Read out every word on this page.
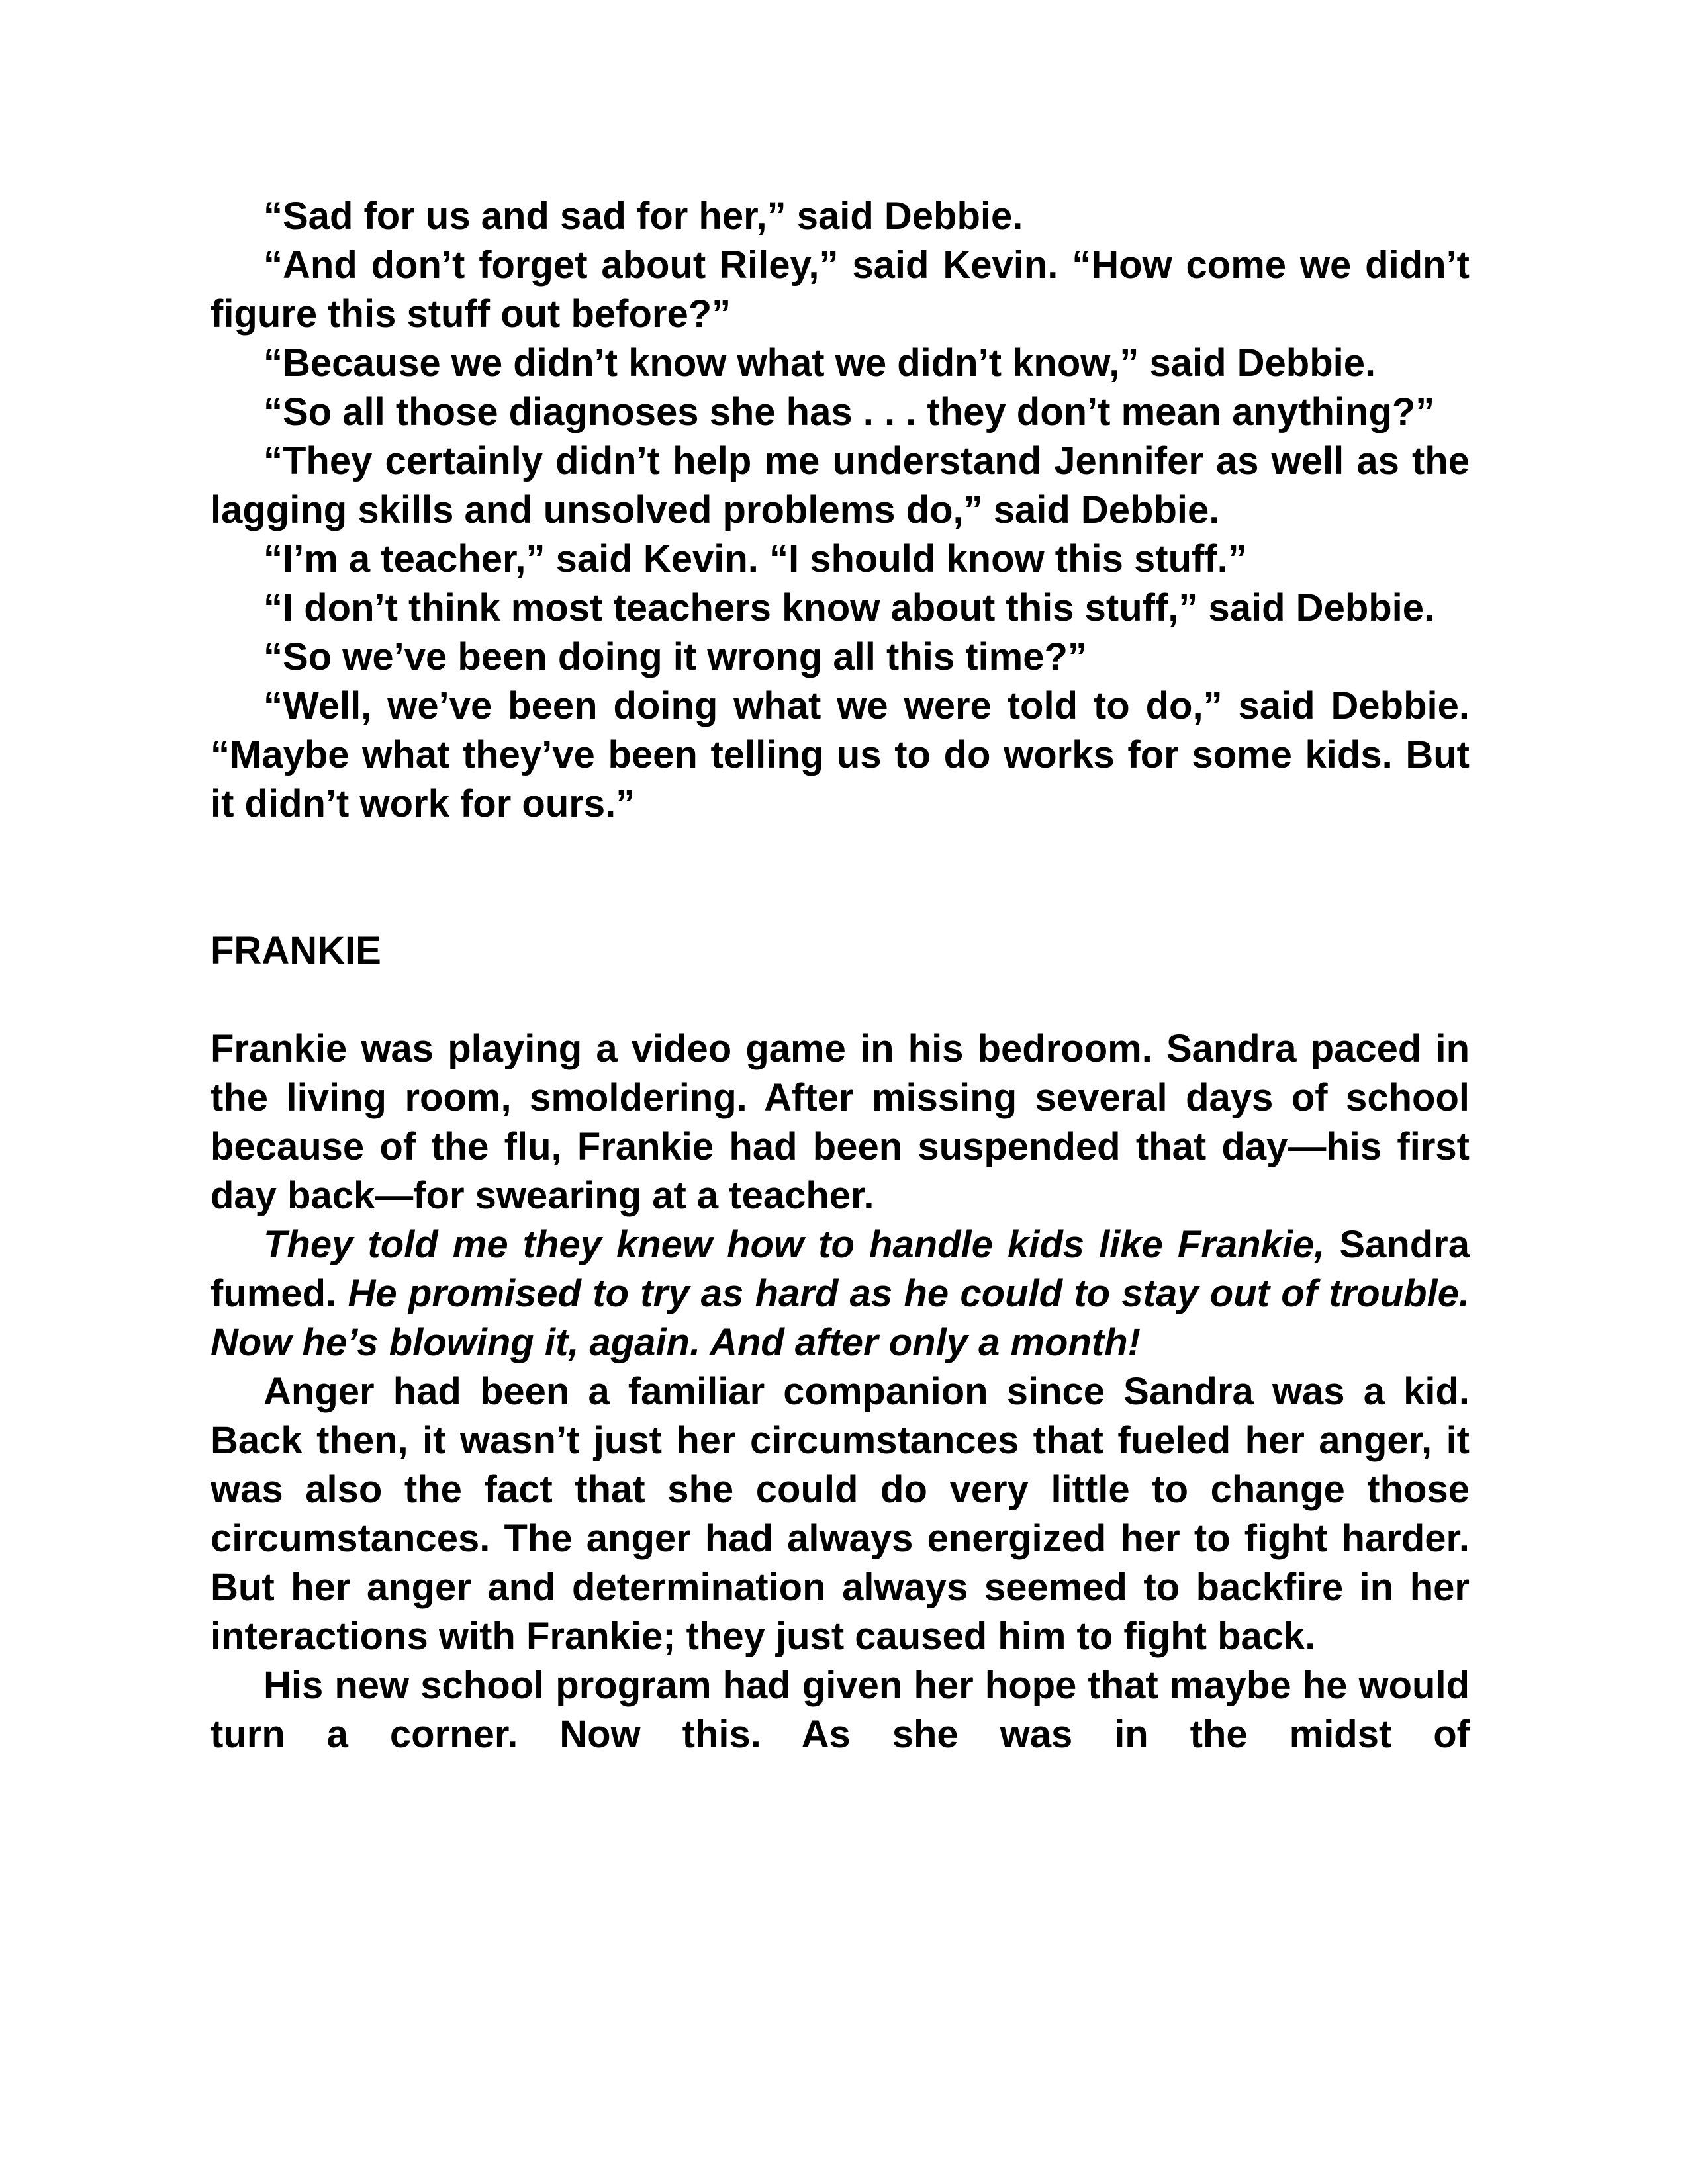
“Sad for us and sad for her,” said Debbie.

“And don’t forget about Riley,” said Kevin. “How come we didn’t figure this stuff out before?”

“Because we didn’t know what we didn’t know,” said Debbie.

“So all those diagnoses she has . . . they don’t mean anything?”

“They certainly didn’t help me understand Jennifer as well as the lagging skills and unsolved problems do,” said Debbie.

“I’m a teacher,” said Kevin. “I should know this stuff.”

“I don’t think most teachers know about this stuff,” said Debbie.

“So we’ve been doing it wrong all this time?”

“Well, we’ve been doing what we were told to do,” said Debbie. “Maybe what they’ve been telling us to do works for some kids. But it didn’t work for ours.”

FRANKIE

Frankie was playing a video game in his bedroom. Sandra paced in the living room, smoldering. After missing several days of school because of the flu, Frankie had been suspended that day—his first day back—for swearing at a teacher.

They told me they knew how to handle kids like Frankie, Sandra fumed. He promised to try as hard as he could to stay out of trouble. Now he’s blowing it, again. And after only a month!

Anger had been a familiar companion since Sandra was a kid. Back then, it wasn’t just her circumstances that fueled her anger, it was also the fact that she could do very little to change those circumstances. The anger had always energized her to fight harder. But her anger and determination always seemed to backfire in her interactions with Frankie; they just caused him to fight back.

His new school program had given her hope that maybe he would turn a corner. Now this. As she was in the midst of
